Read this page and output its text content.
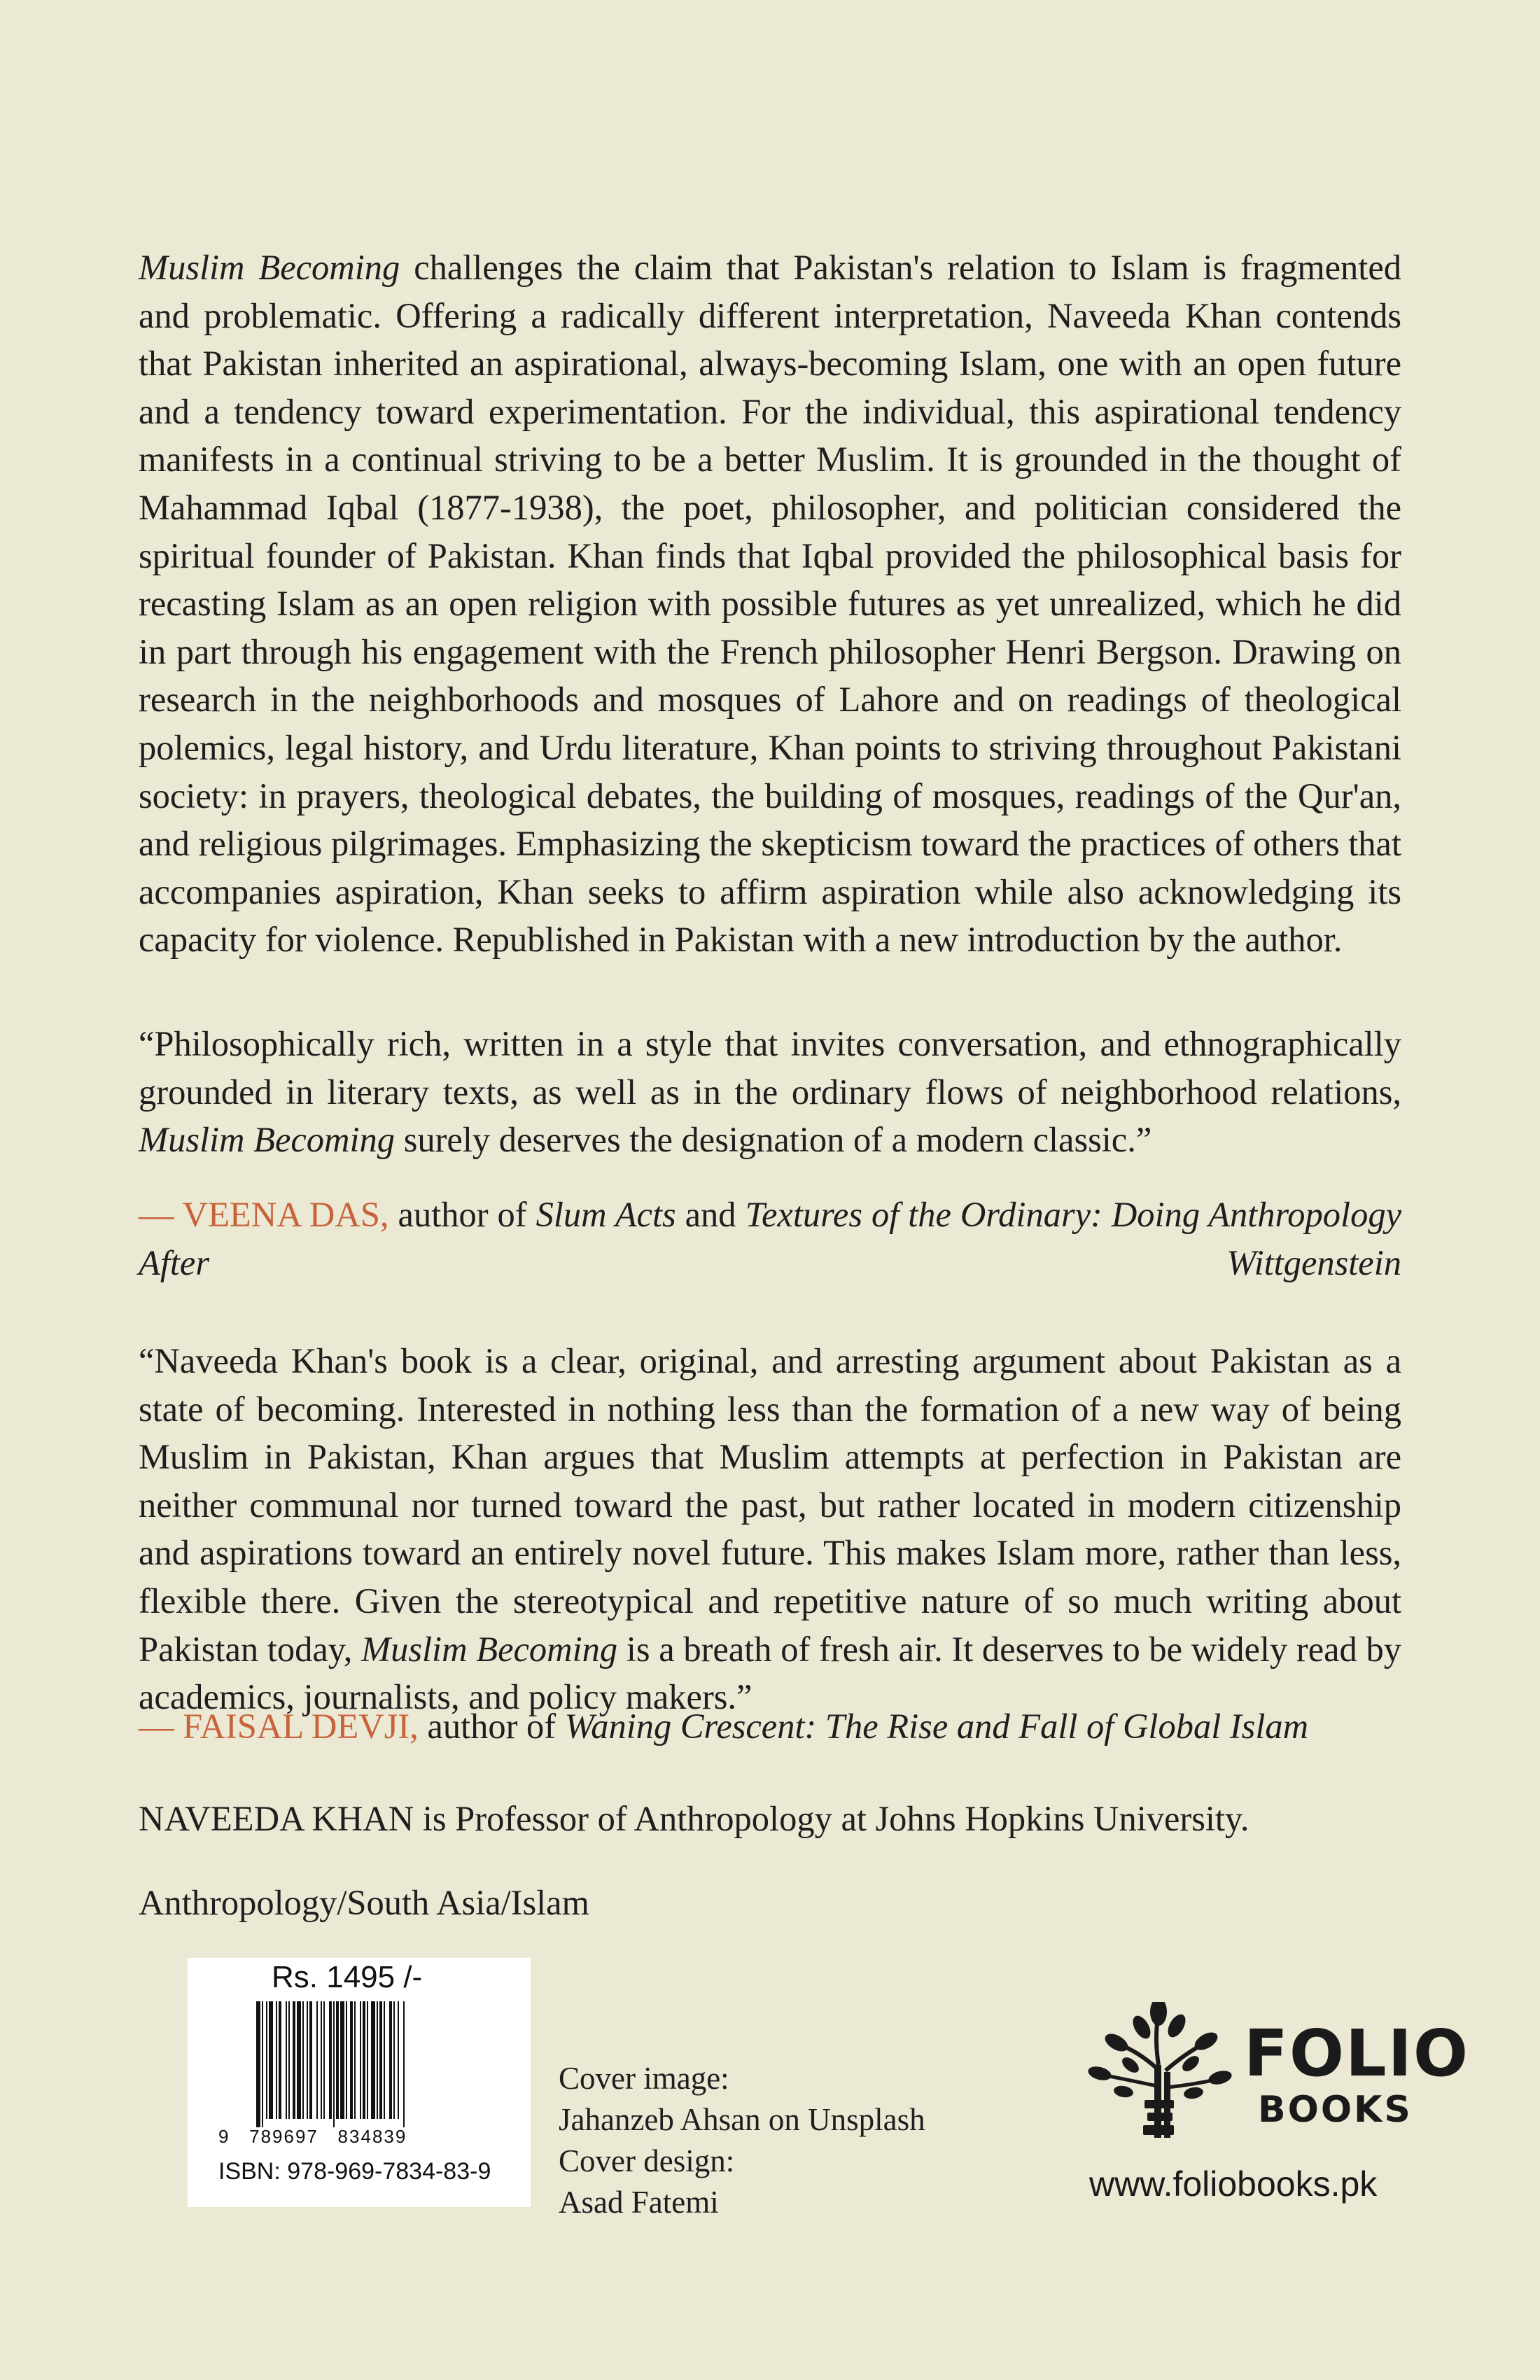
Muslim Becoming challenges the claim that Pakistan's relation to Islam is fragmented and problematic. Offering a radically different interpretation, Naveeda Khan contends that Pakistan inherited an aspirational, always-becoming Islam, one with an open future and a tendency toward experimentation. For the individual, this aspirational tendency manifests in a continual striving to be a better Muslim. It is grounded in the thought of Mahammad Iqbal (1877-1938), the poet, philosopher, and politician considered the spiritual founder of Pakistan. Khan finds that Iqbal provided the philosophical basis for recasting Islam as an open religion with possible futures as yet unrealized, which he did in part through his engagement with the French philosopher Henri Bergson. Drawing on research in the neighborhoods and mosques of Lahore and on readings of theological polemics, legal history, and Urdu literature, Khan points to striving throughout Pakistani society: in prayers, theological debates, the building of mosques, readings of the Qur'an, and religious pilgrimages. Emphasizing the skepticism toward the practices of others that accompanies aspiration, Khan seeks to affirm aspiration while also acknowledging its capacity for violence. Republished in Pakistan with a new introduction by the author.

“Philosophically rich, written in a style that invites conversation, and ethnographically grounded in literary texts, as well as in the ordinary flows of neighborhood relations, Muslim Becoming surely deserves the designation of a modern classic.”

— VEENA DAS, author of Slum Acts and Textures of the Ordinary: Doing Anthropology After Wittgenstein

“Naveeda Khan's book is a clear, original, and arresting argument about Pakistan as a state of becoming. Interested in nothing less than the formation of a new way of being Muslim in Pakistan, Khan argues that Muslim attempts at perfection in Pakistan are neither communal nor turned toward the past, but rather located in modern citizenship and aspirations toward an entirely novel future. This makes Islam more, rather than less, flexible there. Given the stereotypical and repetitive nature of so much writing about Pakistan today, Muslim Becoming is a breath of fresh air. It deserves to be widely read by academics, journalists, and policy makers.”

— FAISAL DEVJI, author of Waning Crescent: The Rise and Fall of Global Islam

NAVEEDA KHAN is Professor of Anthropology at Johns Hopkins University.

Anthropology/South Asia/Islam

Rs. 1495 /-
9   789697   834839
ISBN: 978-969-7834-83-9
Cover image:
Jahanzeb Ahsan on Unsplash
Cover design:
Asad Fatemi
FOLIO
BOOKS
www.foliobooks.pk
